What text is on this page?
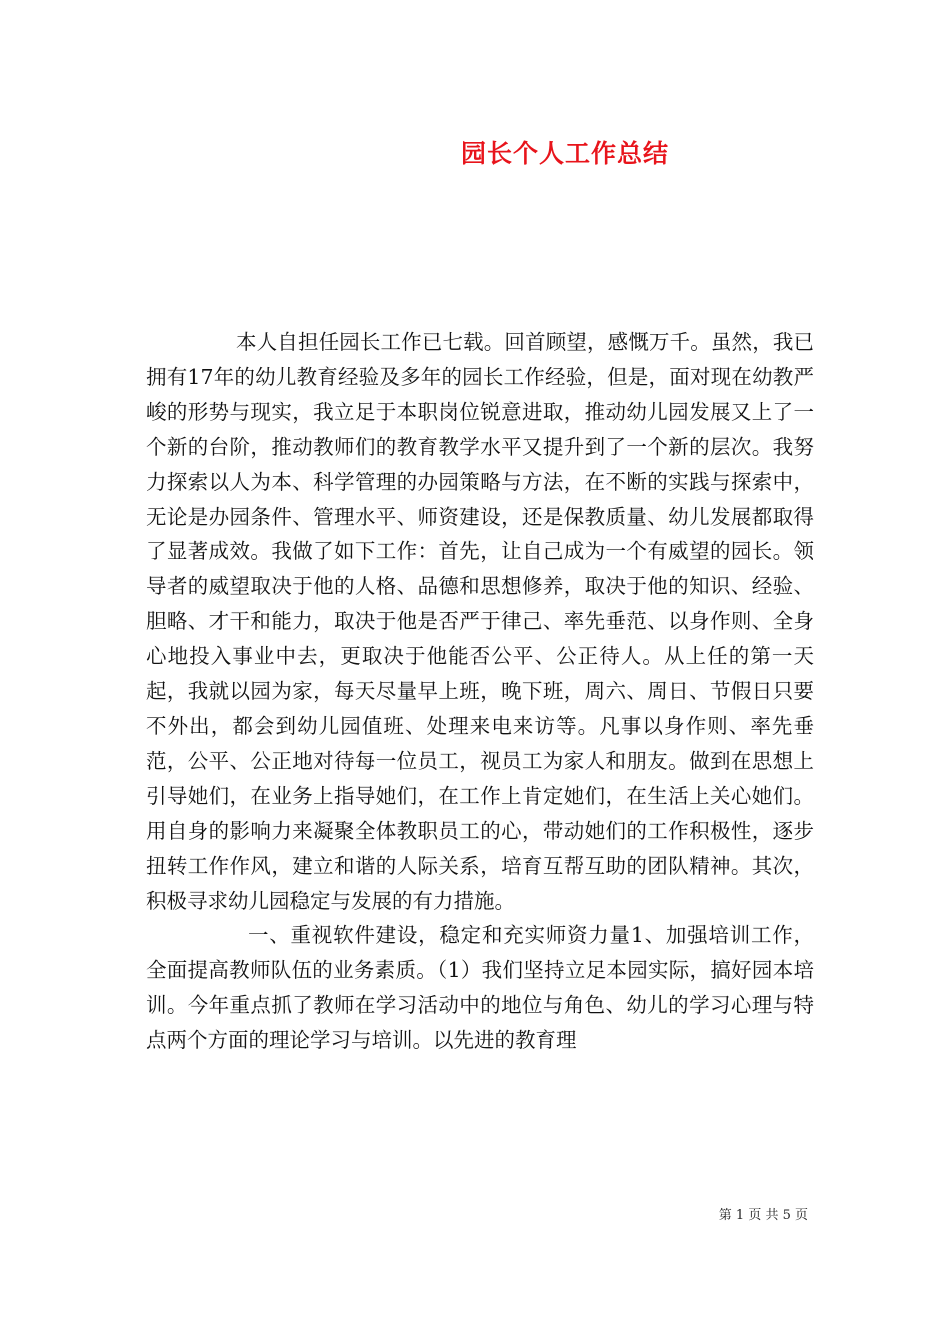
园长个人工作总结

本人自担任园长工作已七载。回首顾望，感慨万千。虽然，我已拥有17年的幼儿教育经验及多年的园长工作经验，但是，面对现在幼教严峻的形势与现实，我立足于本职岗位锐意进取，推动幼儿园发展又上了一个新的台阶，推动教师们的教育教学水平又提升到了一个新的层次。我努力探索以人为本、科学管理的办园策略与方法，在不断的实践与探索中，无论是办园条件、管理水平、师资建设，还是保教质量、幼儿发展都取得了显著成效。我做了如下工作：首先，让自己成为一个有威望的园长。领导者的威望取决于他的人格、品德和思想修养，取决于他的知识、经验、胆略、才干和能力，取决于他是否严于律己、率先垂范、以身作则、全身心地投入事业中去，更取决于他能否公平、公正待人。从上任的第一天起，我就以园为家，每天尽量早上班，晚下班，周六、周日、节假日只要不外出，都会到幼儿园值班、处理来电来访等。凡事以身作则、率先垂范，公平、公正地对待每一位员工，视员工为家人和朋友。做到在思想上引导她们，在业务上指导她们，在工作上肯定她们，在生活上关心她们。用自身的影响力来凝聚全体教职员工的心，带动她们的工作积极性，逐步扭转工作作风，建立和谐的人际关系，培育互帮互助的团队精神。其次，积极寻求幼儿园稳定与发展的有力措施。

一、重视软件建设，稳定和充实师资力量1、加强培训工作，全面提高教师队伍的业务素质。（1）我们坚持立足本园实际，搞好园本培训。今年重点抓了教师在学习活动中的地位与角色、幼儿的学习心理与特点两个方面的理论学习与培训。以先进的教育理

第 1 页 共 5 页
